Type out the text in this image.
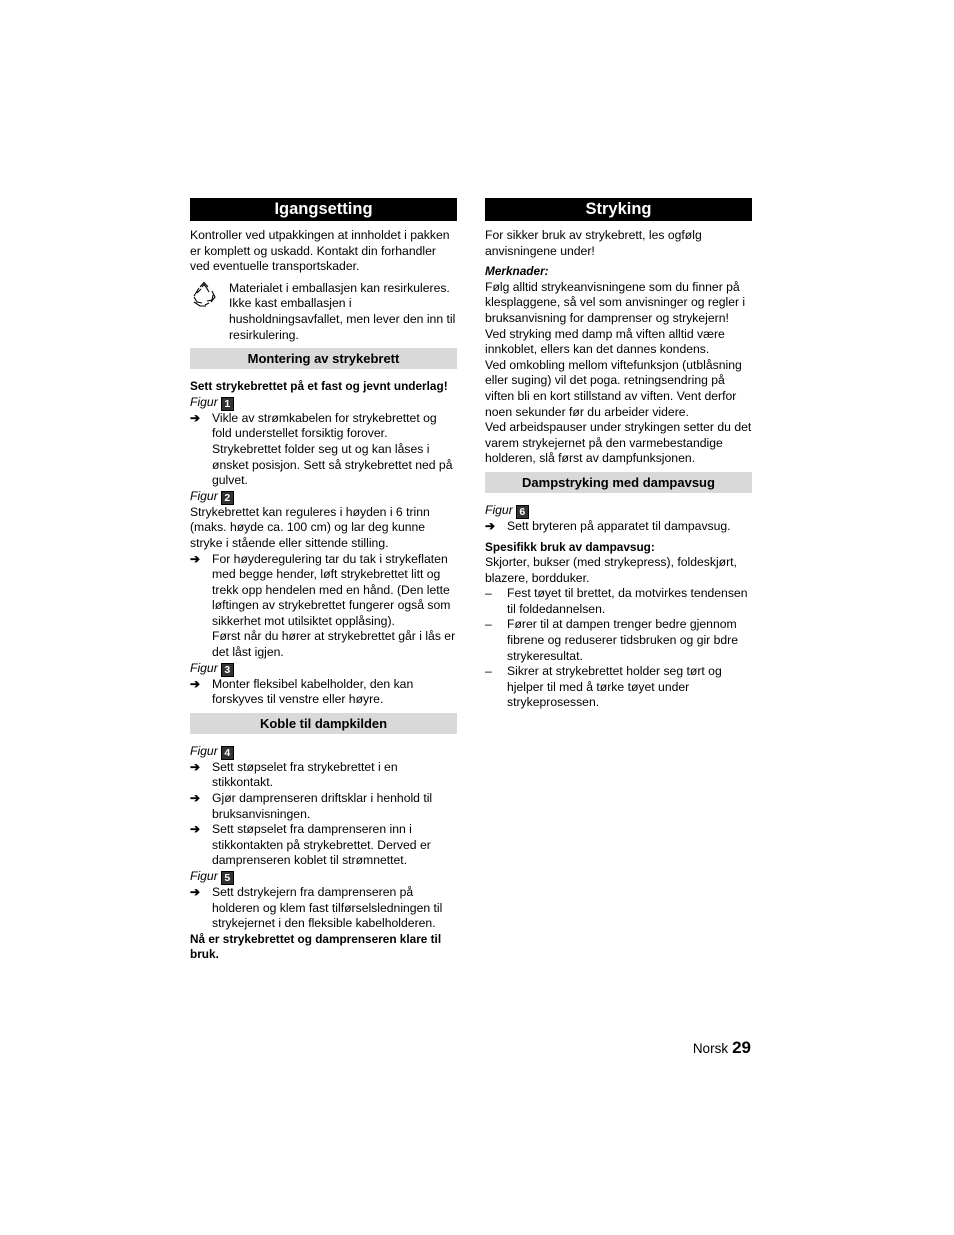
Igangsetting

Kontroller ved utpakkingen at innholdet i pakken er komplett og uskadd. Kontakt din forhandler ved eventuelle transportskader.

Materialet i emballasjen kan resirkuleres. Ikke kast emballasjen i husholdningsavfallet, men lever den inn til resirkulering.
Montering av strykebrett

Sett strykebrettet på et fast og jevnt underlag!

Figur 1

➔ Vikle av strømkabelen for strykebrettet og fold understellet forsiktig forover. Strykebrettet folder seg ut og kan låses i ønsket posisjon. Sett så strykebrettet ned på gulvet.

Figur 2

Strykebrettet kan reguleres i høyden i 6 trinn (maks. høyde ca. 100 cm) og lar deg kunne stryke i stående eller sittende stilling.

➔ For høyderegulering tar du tak i strykeflaten med begge hender, løft strykebrettet litt og trekk opp hendelen med en hånd. (Den lette løftingen av strykebrettet fungerer også som sikkerhet mot utilsiktet opplåsing).
Først når du hører at strykebrettet går i lås er det låst igjen.

Figur 3

➔ Monter fleksibel kabelholder, den kan forskyves til venstre eller høyre.
Koble til dampkilden

Figur 4

➔ Sett støpselet fra strykebrettet i en stikkontakt.
➔ Gjør damprenseren driftsklar i henhold til bruksanvisningen.
➔ Sett støpselet fra damprenseren inn i stikkontakten på strykebrettet. Derved er damprenseren koblet til strømnettet.

Figur 5

➔ Sett dstrykejern fra damprenseren på holderen og klem fast tilførselsledningen til strykejernet i den fleksible kabelholderen.

Nå er strykebrettet og damprenseren klare til bruk.

Stryking

For sikker bruk av strykebrett, les ogfølg anvisningene under!

Merknader:

Følg alltid strykeanvisningene som du finner på klesplaggene, så vel som anvisninger og regler i bruksanvisning for damprenser og strykejern!

Ved stryking med damp må viften alltid være innkoblet, ellers kan det dannes kondens.

Ved omkobling mellom viftefunksjon (utblåsning eller suging) vil det poga. retningsendring på viften bli en kort stillstand av viften. Vent derfor noen sekunder før du arbeider videre.

Ved arbeidspauser under strykingen setter du det varem strykejernet på den varmebestandige holderen, slå først av dampfunksjonen.

Dampstryking med dampavsug

Figur 6

➔ Sett bryteren på apparatet til dampavsug.

Spesifikk bruk av dampavsug:

Skjorter, bukser (med strykepress), foldeskjørt, blazere, bordduker.

–	Fest tøyet til brettet, da motvirkes tendensen til foldedannelsen.
–	Fører til at dampen trenger bedre gjennom fibrene og reduserer tidsbruken og gir bdre strykeresultat.
–	Sikrer at strykebrettet holder seg tørt og hjelper til med å tørke tøyet under strykeprosessen.
Norsk 29
